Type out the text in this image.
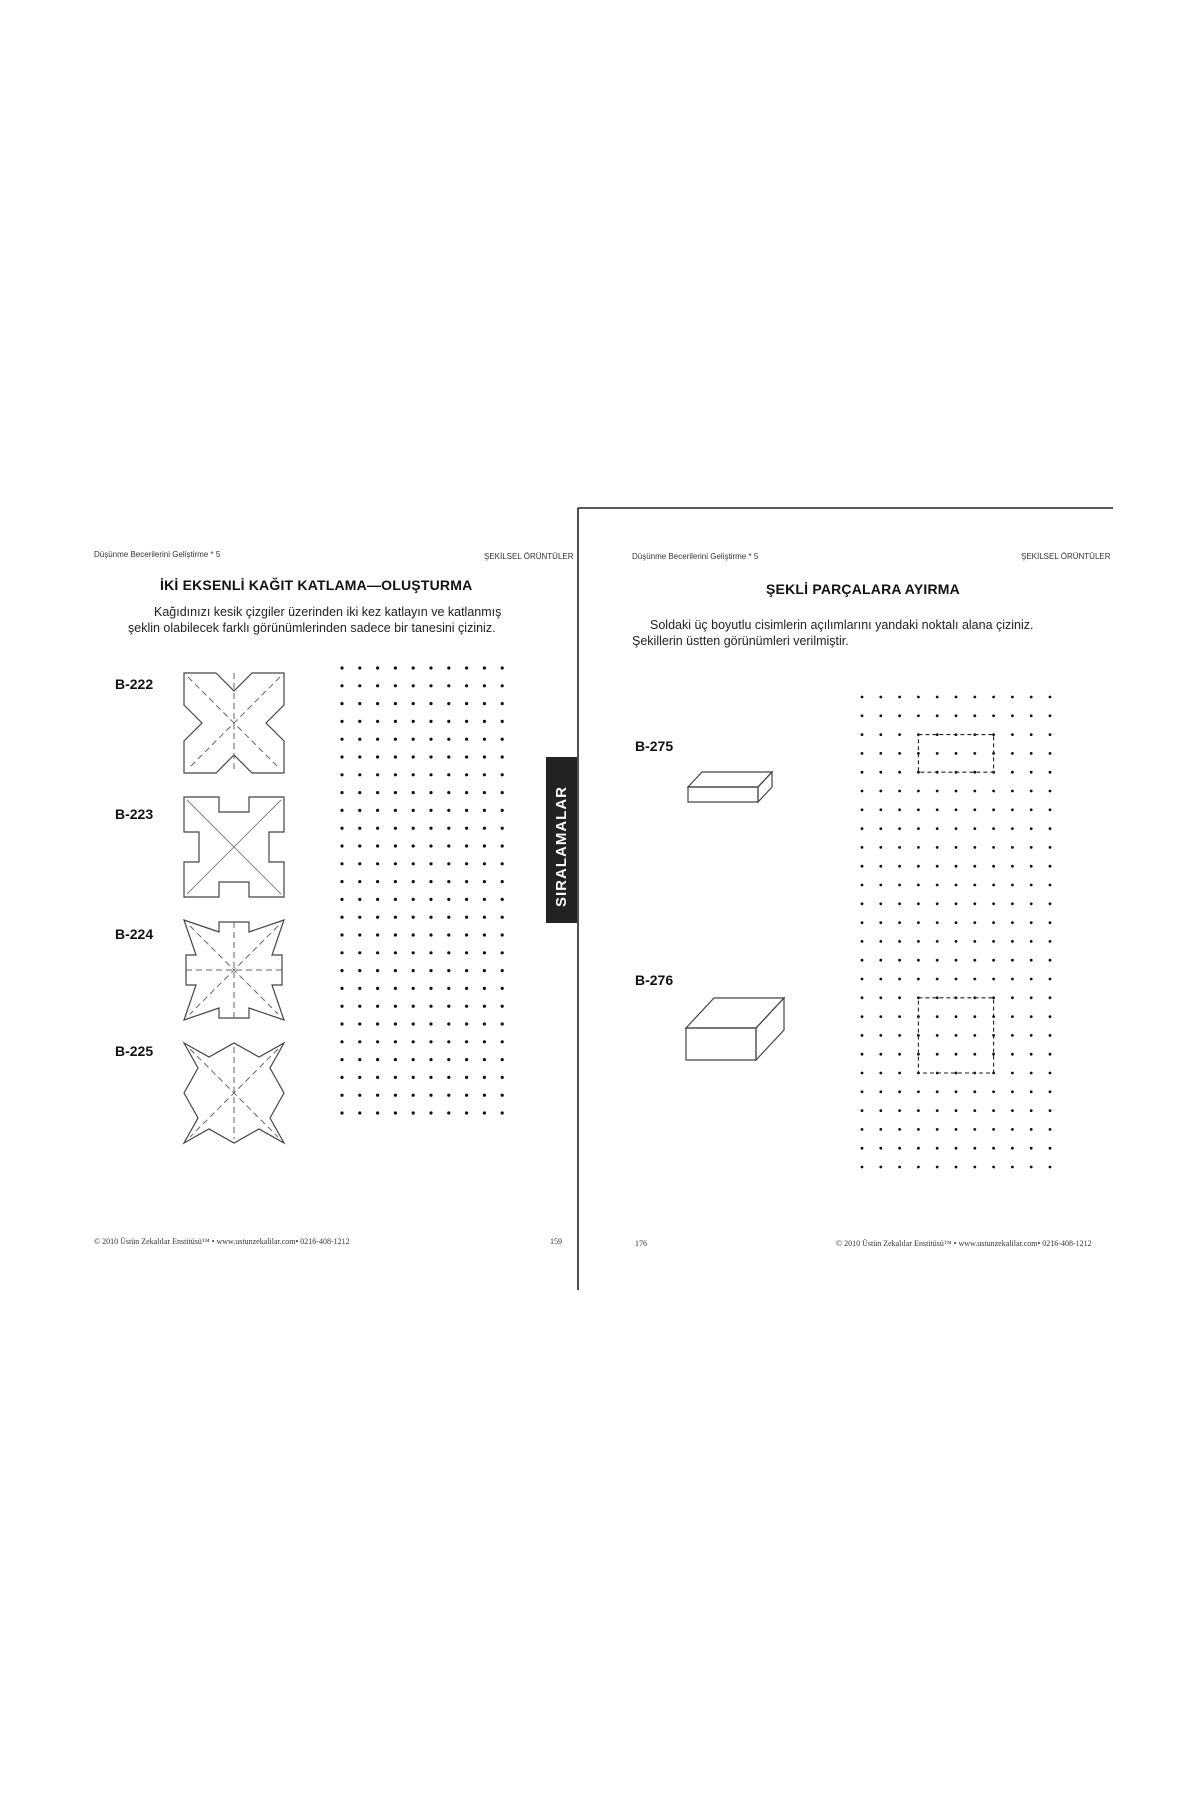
Düşünme Becerilerini Geliştirme * 5	ŞEKİLSEL ÖRÜNTÜLER
İKİ EKSENLİ KAĞIT KATLAMA—OLUŞTURMA
Kağıdınızı kesik çizgiler üzerinden iki kez katlayın ve katlanmış şeklin olabilecek farklı görünümlerinden sadece bir tanesini çiziniz.
B-222
B-223
B-224
B-225
© 2010 Üstün Zekalılar Enstitüsü™ • www.ustunzekalilar.com• 0216-408-1212	159
SIRALAMALAR
Düşünme Becerilerini Geliştirme * 5	ŞEKİLSEL ÖRÜNTÜLER
ŞEKLİ PARÇALARA AYIRMA
Soldaki üç boyutlu cisimlerin açılımlarını yandaki noktalı alana çiziniz. Şekillerin üstten görünümleri verilmiştir.
B-275
B-276
176	© 2010 Üstün Zekalılar Enstitüsü™ • www.ustunzekalilar.com• 0216-408-1212
